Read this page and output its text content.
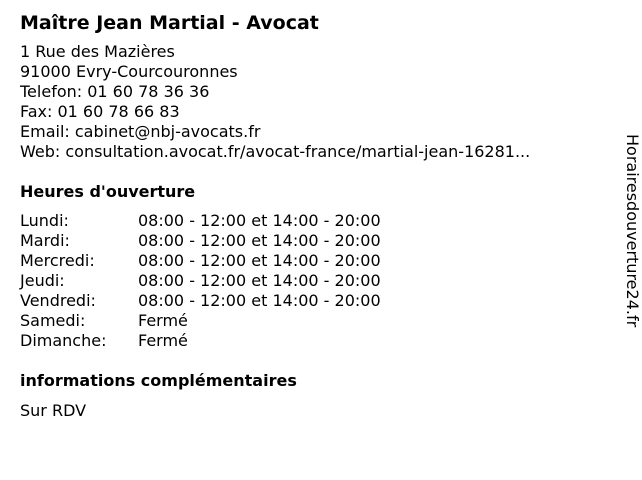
Maître Jean Martial - Avocat
1 Rue des Mazières
91000 Evry-Courcouronnes
Telefon: 01 60 78 36 36
Fax: 01 60 78 66 83
Email: cabinet@nbj-avocats.fr
Web: consultation.avocat.fr/avocat-france/martial-jean-16281...
Heures d'ouverture
Lundi:	08:00 - 12:00 et 14:00 - 20:00
Mardi:	08:00 - 12:00 et 14:00 - 20:00
Mercredi:	08:00 - 12:00 et 14:00 - 20:00
Jeudi:	08:00 - 12:00 et 14:00 - 20:00
Vendredi:	08:00 - 12:00 et 14:00 - 20:00
Samedi:	Fermé
Dimanche:	Fermé
informations complémentaires
Sur RDV
Horairesdouverture24.fr
